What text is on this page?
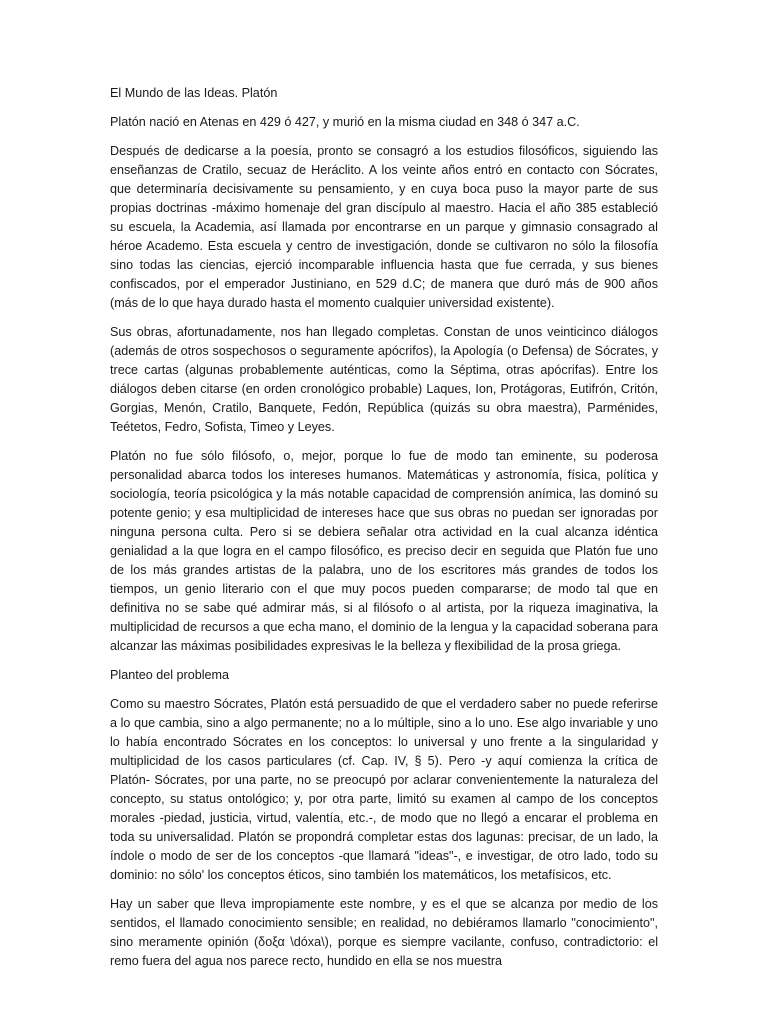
El Mundo de las Ideas. Platón

Platón nació en Atenas en 429 ó 427, y murió en la misma ciudad en 348 ó 347 a.C.

Después de dedicarse a la poesía, pronto se consagró a los estudios filosóficos, siguiendo las enseñanzas de Cratilo, secuaz de Heráclito. A los veinte años entró en contacto con Sócrates, que determinaría decisivamente su pensamiento, y en cuya boca puso la mayor parte de sus propias doctrinas -máximo homenaje del gran discípulo al maestro. Hacia el año 385 estableció su escuela, la Academia, así llamada por encontrarse en un parque y gimnasio consagrado al héroe Academo. Esta escuela y centro de investigación, donde se cultivaron no sólo la filosofía sino todas las ciencias, ejerció incomparable influencia hasta que fue cerrada, y sus bienes confiscados, por el emperador Justiniano, en 529 d.C; de manera que duró más de 900 años (más de lo que haya durado hasta el momento cualquier universidad existente).

Sus obras, afortunadamente, nos han llegado completas. Constan de unos veinticinco diálogos (además de otros sospechosos o seguramente apócrifos), la Apología (o Defensa) de Sócrates, y trece cartas (algunas probablemente auténticas, como la Séptima, otras apócrifas). Entre los diálogos deben citarse (en orden cronológico probable) Laques, Ion, Protágoras, Eutifrón, Critón, Gorgias, Menón, Cratilo, Banquete, Fedón, República (quizás su obra maestra), Parménides, Teétetos, Fedro, Sofista, Timeo y Leyes.

Platón no fue sólo filósofo, o, mejor, porque lo fue de modo tan eminente, su poderosa personalidad abarca todos los intereses humanos. Matemáticas y astronomía, física, política y sociología, teoría psicológica y la más notable capacidad de comprensión anímica, las dominó su potente genio; y esa multiplicidad de intereses hace que sus obras no puedan ser ignoradas por ninguna persona culta. Pero si se debiera señalar otra actividad en la cual alcanza idéntica genialidad a la que logra en el campo filosófico, es preciso decir en seguida que Platón fue uno de los más grandes artistas de la palabra, uno de los escritores más grandes de todos los tiempos, un genio literario con el que muy pocos pueden compararse; de modo tal que en definitiva no se sabe qué admirar más, si al filósofo o al artista, por la riqueza imaginativa, la multiplicidad de recursos a que echa mano, el dominio de la lengua y la capacidad soberana para alcanzar las máximas posibilidades expresivas le la belleza y flexibilidad de la prosa griega.

Planteo del problema

Como su maestro Sócrates, Platón está persuadido de que el verdadero saber no puede referirse a lo que cambia, sino a algo permanente; no a lo múltiple, sino a lo uno. Ese algo invariable y uno lo había encontrado Sócrates en los conceptos: lo universal y uno frente a la singularidad y multiplicidad de los casos particulares (cf. Cap. IV, § 5). Pero -y aquí comienza la crítica de Platón- Sócrates, por una parte, no se preocupó por aclarar convenientemente la naturaleza del concepto, su status ontológico; y, por otra parte, limitó su examen al campo de los conceptos morales -piedad, justicia, virtud, valentía, etc.-, de modo que no llegó a encarar el problema en toda su universalidad. Platón se propondrá completar estas dos lagunas: precisar, de un lado, la índole o modo de ser de los conceptos -que llamará "ideas"-, e investigar, de otro lado, todo su dominio: no sólo' los conceptos éticos, sino también los matemáticos, los metafísicos, etc.

Hay un saber que lleva impropiamente este nombre, y es el que se alcanza por medio de los sentidos, el llamado conocimiento sensible; en realidad, no debiéramos llamarlo "conocimiento", sino meramente opinión (δοξα \dóxa\), porque es siempre vacilante, confuso, contradictorio: el remo fuera del agua nos parece recto, hundido en ella se nos muestra
